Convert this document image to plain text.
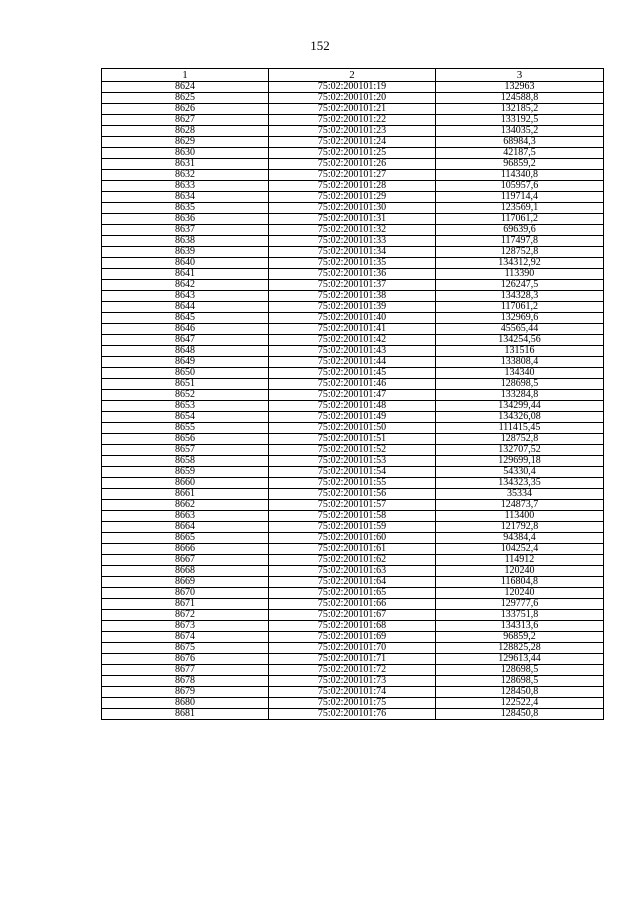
152
1	2	3
8624	75:02:200101:19	132963
8625	75:02:200101:20	124588,8
8626	75:02:200101:21	132185,2
8627	75:02:200101:22	133192,5
8628	75:02:200101:23	134035,2
8629	75:02:200101:24	68984,3
8630	75:02:200101:25	42187,5
8631	75:02:200101:26	96859,2
8632	75:02:200101:27	114340,8
8633	75:02:200101:28	105957,6
8634	75:02:200101:29	119714,4
8635	75:02:200101:30	123569,1
8636	75:02:200101:31	117061,2
8637	75:02:200101:32	69639,6
8638	75:02:200101:33	117497,8
8639	75:02:200101:34	128752,8
8640	75:02:200101:35	134312,92
8641	75:02:200101:36	113390
8642	75:02:200101:37	126247,5
8643	75:02:200101:38	134328,3
8644	75:02:200101:39	117061,2
8645	75:02:200101:40	132969,6
8646	75:02:200101:41	45565,44
8647	75:02:200101:42	134254,56
8648	75:02:200101:43	131516
8649	75:02:200101:44	133808,4
8650	75:02:200101:45	134340
8651	75:02:200101:46	128698,5
8652	75:02:200101:47	133284,8
8653	75:02:200101:48	134299,44
8654	75:02:200101:49	134326,08
8655	75:02:200101:50	111415,45
8656	75:02:200101:51	128752,8
8657	75:02:200101:52	132707,52
8658	75:02:200101:53	129699,18
8659	75:02:200101:54	54330,4
8660	75:02:200101:55	134323,35
8661	75:02:200101:56	35334
8662	75:02:200101:57	124873,7
8663	75:02:200101:58	113400
8664	75:02:200101:59	121792,8
8665	75:02:200101:60	94384,4
8666	75:02:200101:61	104252,4
8667	75:02:200101:62	114912
8668	75:02:200101:63	120240
8669	75:02:200101:64	116804,8
8670	75:02:200101:65	120240
8671	75:02:200101:66	129777,6
8672	75:02:200101:67	133751,8
8673	75:02:200101:68	134313,6
8674	75:02:200101:69	96859,2
8675	75:02:200101:70	128825,28
8676	75:02:200101:71	129613,44
8677	75:02:200101:72	128698,5
8678	75:02:200101:73	128698,5
8679	75:02:200101:74	128450,8
8680	75:02:200101:75	122522,4
8681	75:02:200101:76	128450,8
